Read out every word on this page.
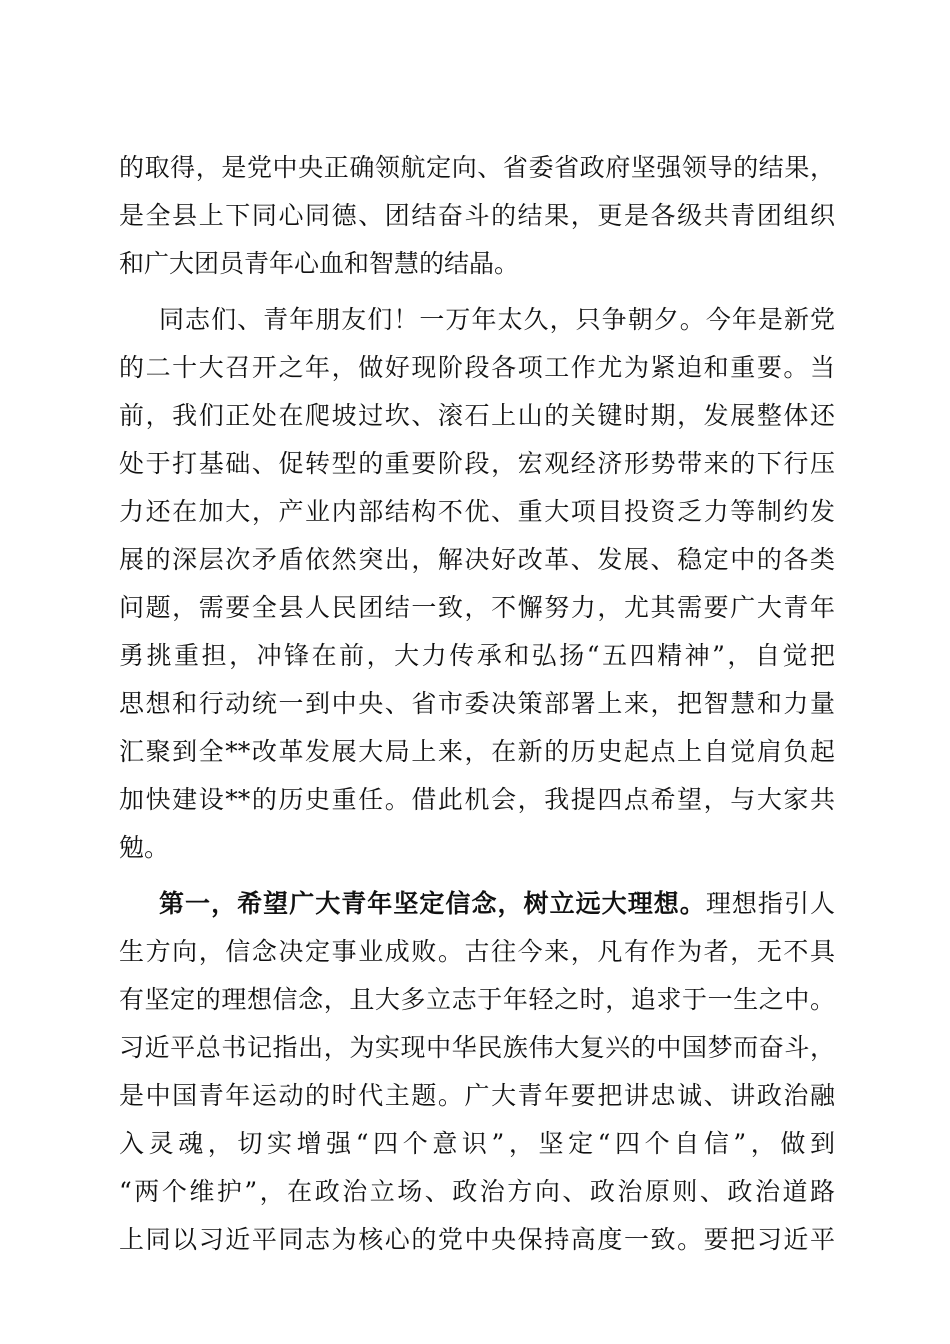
的取得，是党中央正确领航定向、省委省政府坚强领导的结果，
是全县上下同心同德、团结奋斗的结果，更是各级共青团组织
和广大团员青年心血和智慧的结晶。
同志们、青年朋友们！一万年太久，只争朝夕。今年是新党
的二十大召开之年，做好现阶段各项工作尤为紧迫和重要。当
前，我们正处在爬坡过坎、滚石上山的关键时期，发展整体还
处于打基础、促转型的重要阶段，宏观经济形势带来的下行压
力还在加大，产业内部结构不优、重大项目投资乏力等制约发
展的深层次矛盾依然突出，解决好改革、发展、稳定中的各类
问题，需要全县人民团结一致，不懈努力，尤其需要广大青年
勇挑重担，冲锋在前，大力传承和弘扬“五四精神”，自觉把
思想和行动统一到中央、省市委决策部署上来，把智慧和力量
汇聚到全**改革发展大局上来，在新的历史起点上自觉肩负起
加快建设**的历史重任。借此机会，我提四点希望，与大家共
勉。
第一，希望广大青年坚定信念，树立远大理想。理想指引人
生方向，信念决定事业成败。古往今来，凡有作为者，无不具
有坚定的理想信念，且大多立志于年轻之时，追求于一生之中。
习近平总书记指出，为实现中华民族伟大复兴的中国梦而奋斗，
是中国青年运动的时代主题。广大青年要把讲忠诚、讲政治融
入灵魂，切实增强“四个意识”，坚定“四个自信”，做到
“两个维护”，在政治立场、政治方向、政治原则、政治道路
上同以习近平同志为核心的党中央保持高度一致。要把习近平
